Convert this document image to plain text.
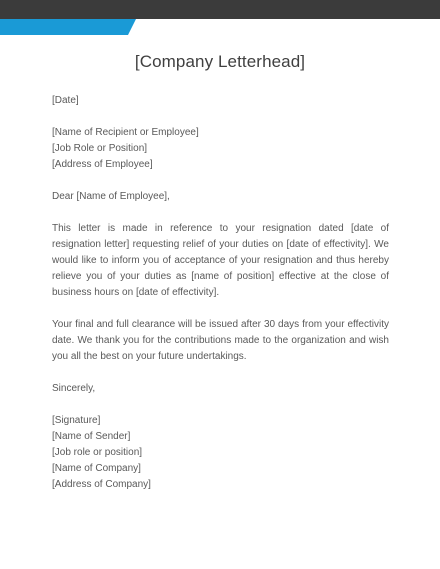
[Company Letterhead]
[Date]
[Name of Recipient or Employee]
[Job Role or Position]
[Address of Employee]
Dear [Name of Employee],
This letter is made in reference to your resignation dated [date of resignation letter] requesting relief of your duties on [date of effectivity]. We would like to inform you of acceptance of your resignation and thus hereby relieve you of your duties as [name of position] effective at the close of business hours on [date of effectivity].
Your final and full clearance will be issued after 30 days from your effectivity date. We thank you for the contributions made to the organization and wish you all the best on your future undertakings.
Sincerely,
[Signature]
[Name of Sender]
[Job role or position]
[Name of Company]
[Address of Company]
